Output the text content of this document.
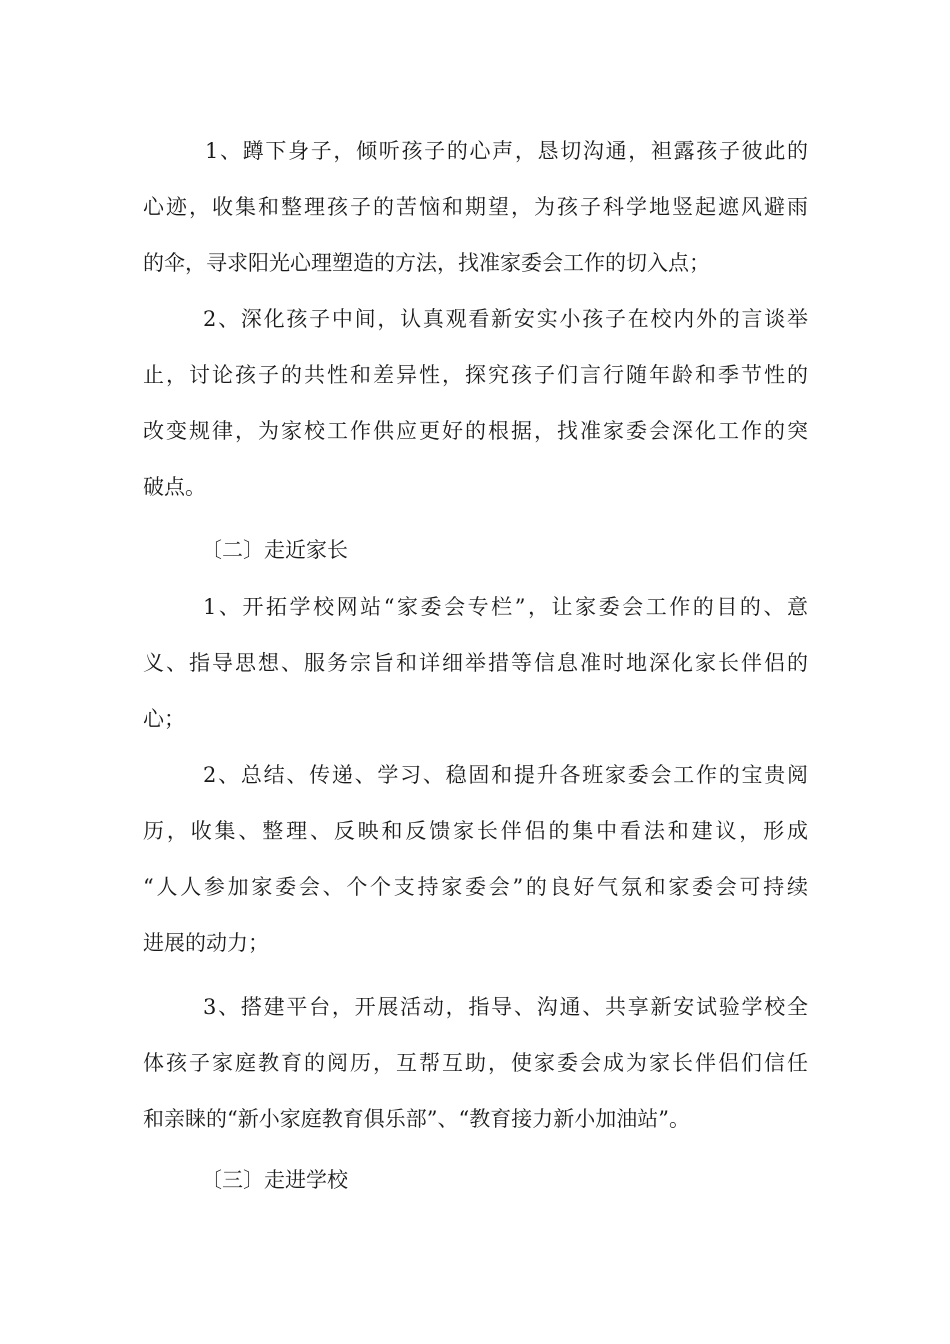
1、蹲下身子，倾听孩子的心声，恳切沟通，袒露孩子彼此的
心迹，收集和整理孩子的苦恼和期望，为孩子科学地竖起遮风避雨
的伞，寻求阳光心理塑造的方法，找准家委会工作的切入点；
2、深化孩子中间，认真观看新安实小孩子在校内外的言谈举
止，讨论孩子的共性和差异性，探究孩子们言行随年龄和季节性的
改变规律，为家校工作供应更好的根据，找准家委会深化工作的突
破点。
〔二〕走近家长
1、开拓学校网站“家委会专栏”，让家委会工作的目的、意
义、指导思想、服务宗旨和详细举措等信息准时地深化家长伴侣的
心；
2、总结、传递、学习、稳固和提升各班家委会工作的宝贵阅
历，收集、整理、反映和反馈家长伴侣的集中看法和建议，形成
“人人参加家委会、个个支持家委会”的良好气氛和家委会可持续
进展的动力；
3、搭建平台，开展活动，指导、沟通、共享新安试验学校全
体孩子家庭教育的阅历，互帮互助，使家委会成为家长伴侣们信任
和亲睐的“新小家庭教育俱乐部”、“教育接力新小加油站”。
〔三〕走进学校
